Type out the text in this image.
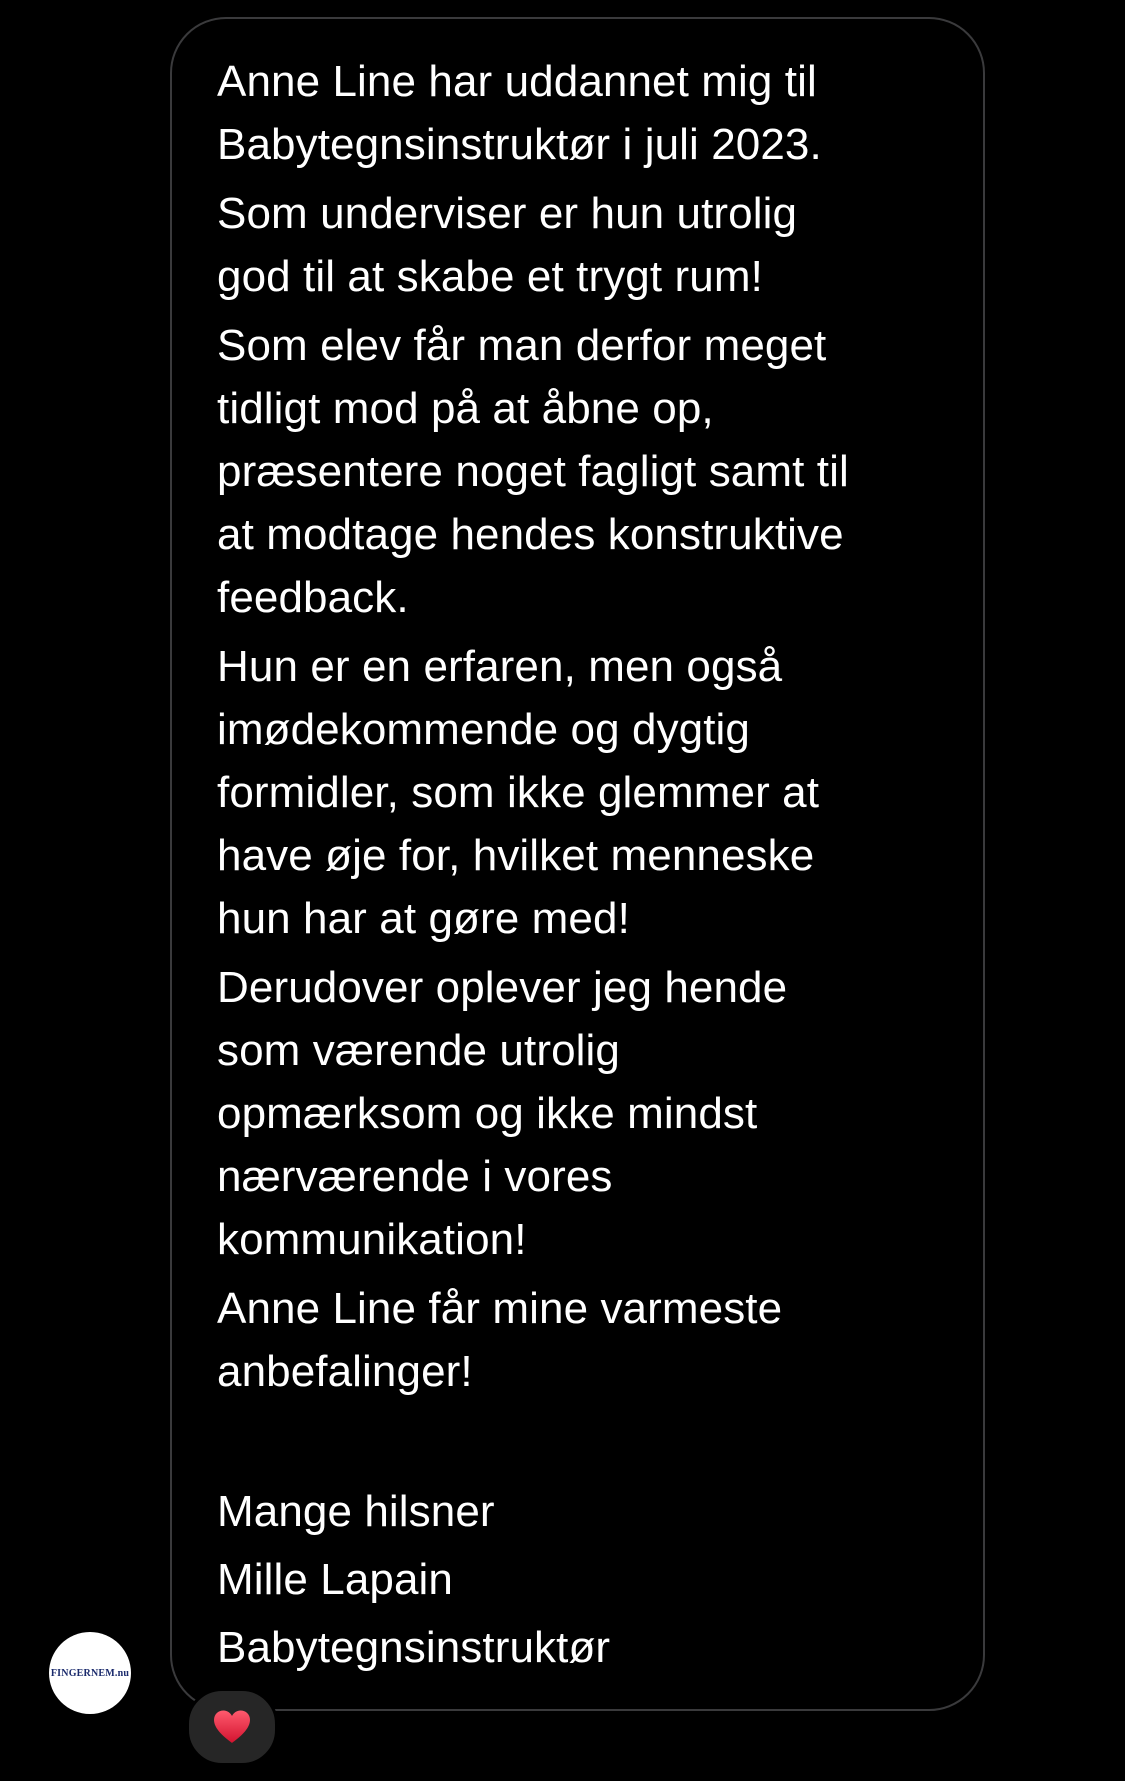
Anne Line har uddannet mig til
Babytegnsinstruktør i juli 2023.

Som underviser er hun utrolig
god til at skabe et trygt rum!

Som elev får man derfor meget
tidligt mod på at åbne op,
præsentere noget fagligt samt til
at modtage hendes konstruktive
feedback.

Hun er en erfaren, men også
imødekommende og dygtig
formidler, som ikke glemmer at
have øje for, hvilket menneske
hun har at gøre med!

Derudover oplever jeg hende
som værende utrolig
opmærksom og ikke mindst
nærværende i vores
kommunikation!

Anne Line får mine varmeste
anbefalinger!

Mange hilsner

Mille Lapain

Babytegnsinstruktør

FINGERNEM.nu
